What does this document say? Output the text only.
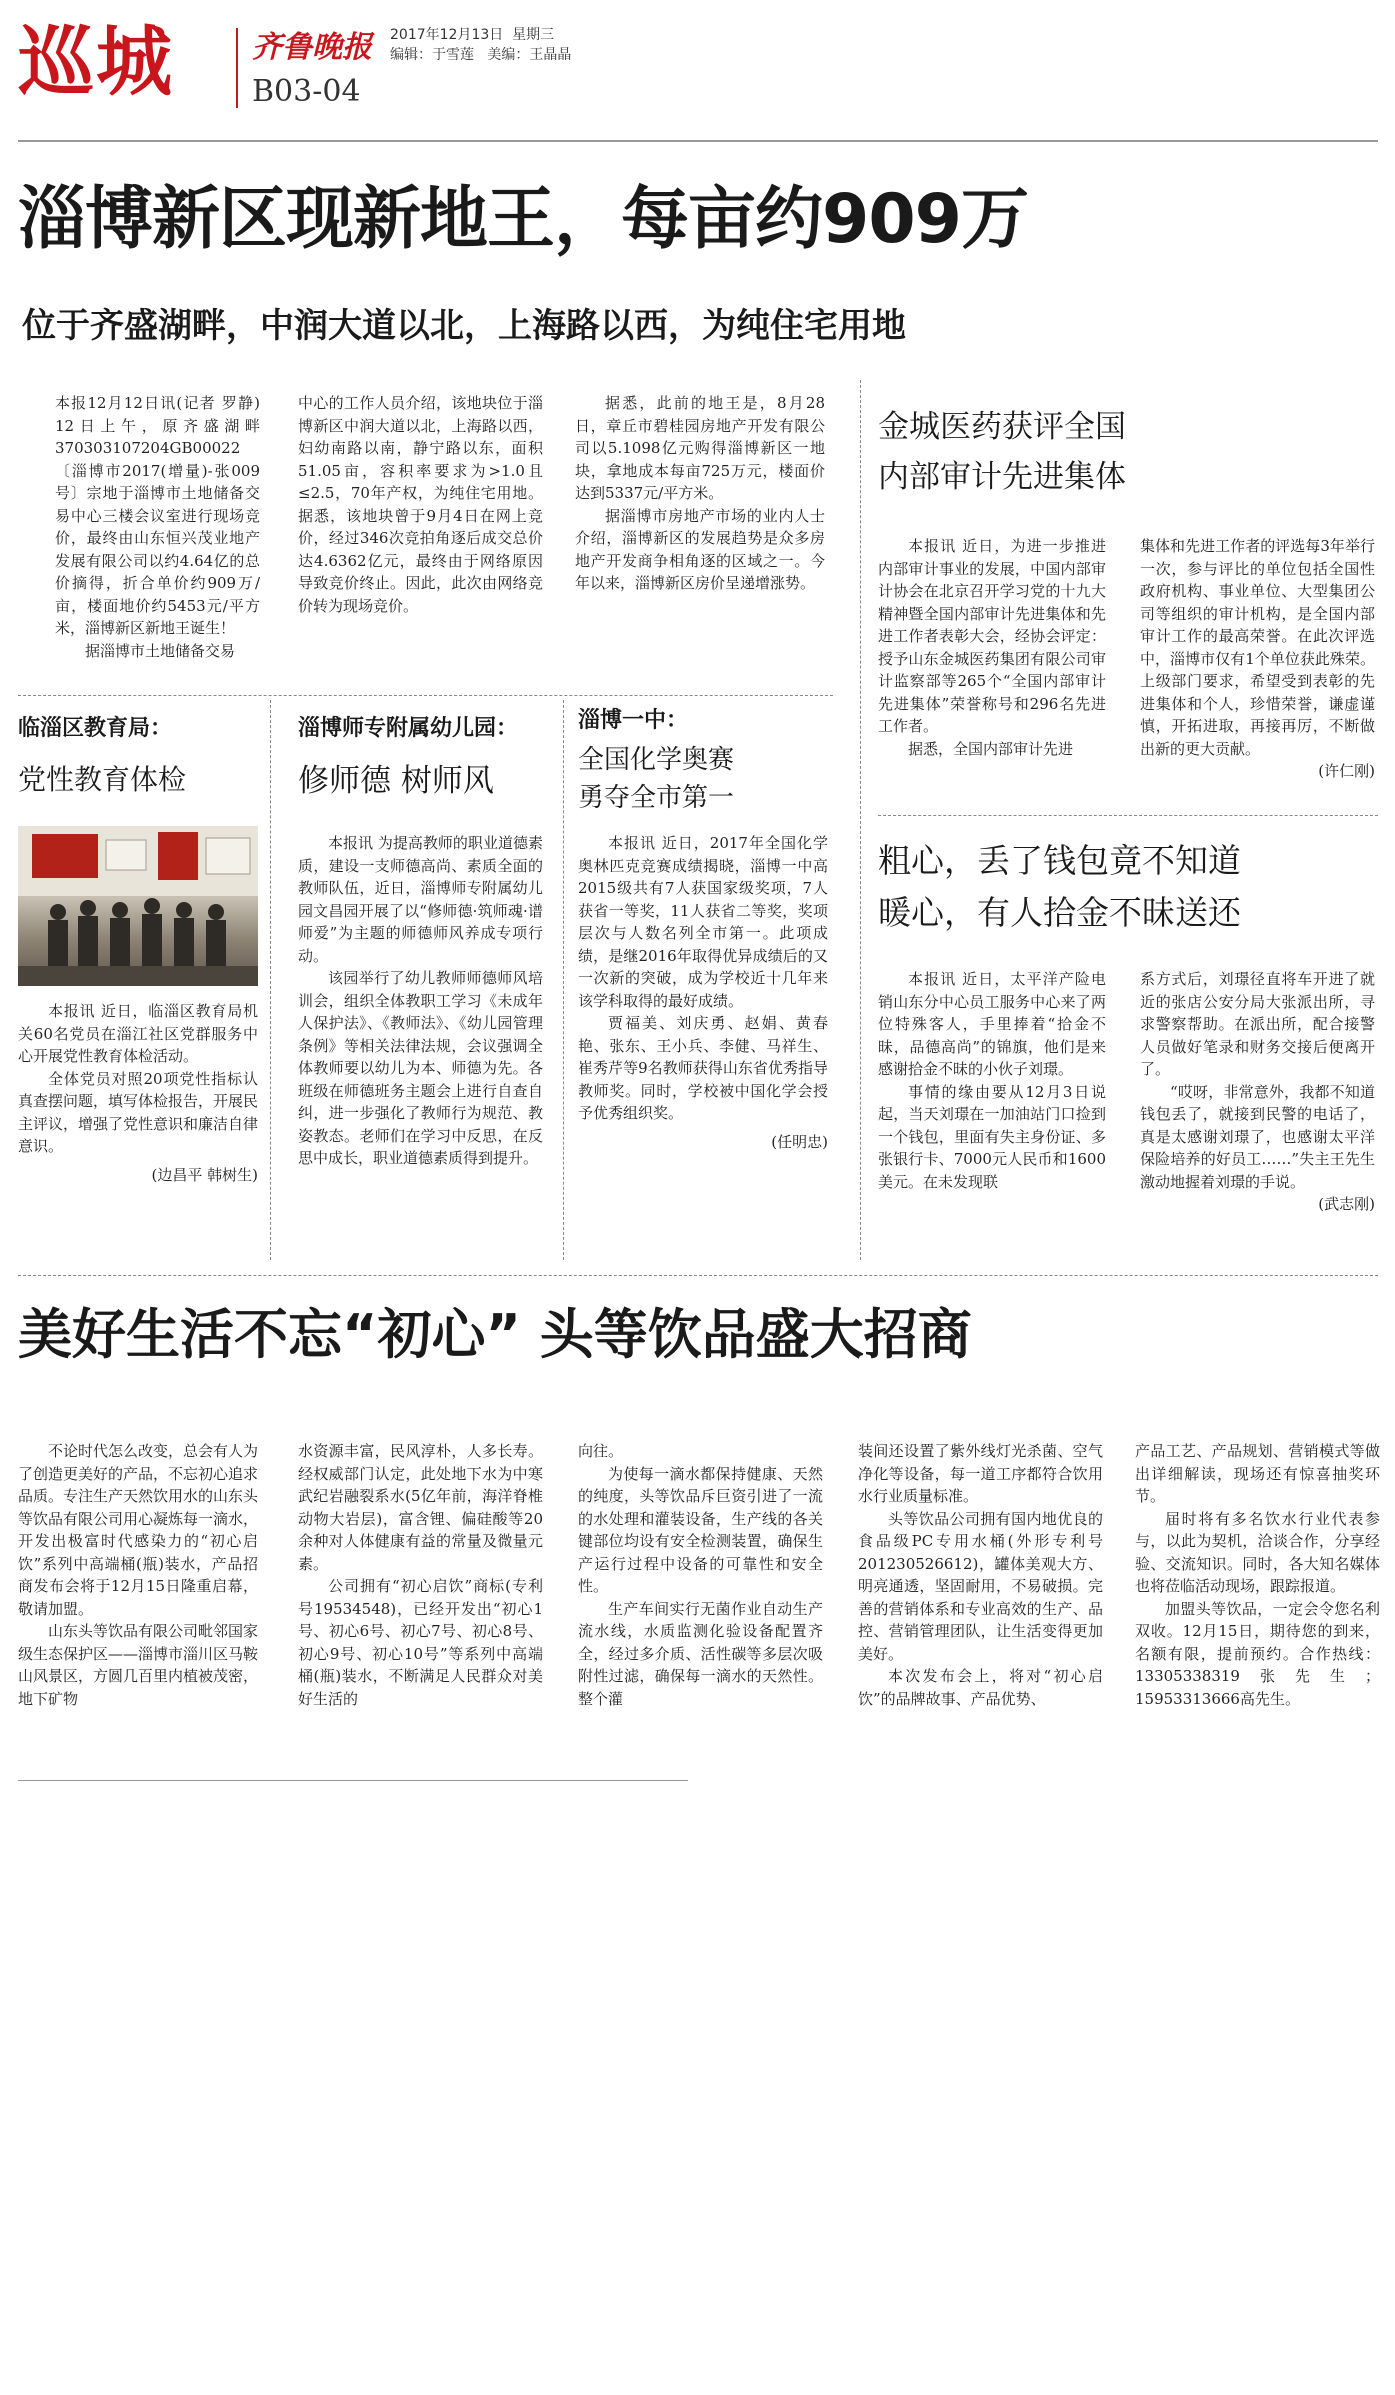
巡城	齐鲁晚报 2017年12月13日 星期三
编辑：于雪莲 美编：王晶晶
B03-04
淄博新区现新地王，每亩约909万
位于齐盛湖畔，中润大道以北，上海路以西，为纯住宅用地

本报12月12日讯(记者 罗静) 12日上午，原齐盛湖畔370303107204GB00022〔淄博市2017(增量)-张009号〕宗地于淄博市土地储备交易中心三楼会议室进行现场竞价，最终由山东恒兴茂业地产发展有限公司以约4.64亿的总价摘得，折合单价约909万/亩，楼面地价约5453元/平方米，淄博新区新地王诞生！

据淄博市土地储备交易

中心的工作人员介绍，该地块位于淄博新区中润大道以北，上海路以西，妇幼南路以南，静宁路以东，面积51.05亩，容积率要求为>1.0且≤2.5，70年产权，为纯住宅用地。据悉，该地块曾于9月4日在网上竞价，经过346次竞拍角逐后成交总价达4.6362亿元，最终由于网络原因导致竞价终止。因此，此次由网络竞价转为现场竞价。

据悉，此前的地王是，8月28日，章丘市碧桂园房地产开发有限公司以5.1098亿元购得淄博新区一地块，拿地成本每亩725万元，楼面价达到5337元/平方米。

据淄博市房地产市场的业内人士介绍，淄博新区的发展趋势是众多房地产开发商争相角逐的区域之一。今年以来，淄博新区房价呈递增涨势。

金城医药获评全国
内部审计先进集体

本报讯 近日，为进一步推进内部审计事业的发展，中国内部审计协会在北京召开学习党的十九大精神暨全国内部审计先进集体和先进工作者表彰大会，经协会评定：授予山东金城医药集团有限公司审计监察部等265个“全国内部审计先进集体”荣誉称号和296名先进工作者。

据悉，全国内部审计先进

集体和先进工作者的评选每3年举行一次，参与评比的单位包括全国性政府机构、事业单位、大型集团公司等组织的审计机构，是全国内部审计工作的最高荣誉。在此次评选中，淄博市仅有1个单位获此殊荣。上级部门要求，希望受到表彰的先进集体和个人，珍惜荣誉，谦虚谨慎，开拓进取，再接再厉，不断做出新的更大贡献。

(许仁刚)
粗心，丢了钱包竟不知道
暖心，有人拾金不昧送还

本报讯 近日，太平洋产险电销山东分中心员工服务中心来了两位特殊客人，手里捧着“拾金不昧，品德高尚”的锦旗，他们是来感谢拾金不昧的小伙子刘璟。

事情的缘由要从12月3日说起，当天刘璟在一加油站门口捡到一个钱包，里面有失主身份证、多张银行卡、7000元人民币和1600美元。在未发现联

系方式后，刘璟径直将车开进了就近的张店公安分局大张派出所，寻求警察帮助。在派出所，配合接警人员做好笔录和财务交接后便离开了。

“哎呀，非常意外，我都不知道钱包丢了，就接到民警的电话了，真是太感谢刘璟了，也感谢太平洋保险培养的好员工……”失主王先生激动地握着刘璟的手说。

(武志刚)
临淄区教育局：
党性教育体检

本报讯 近日，临淄区教育局机关60名党员在淄江社区党群服务中心开展党性教育体检活动。

全体党员对照20项党性指标认真查摆问题，填写体检报告，开展民主评议，增强了党性意识和廉洁自律意识。

(边昌平 韩树生)
淄博师专附属幼儿园：
修师德 树师风

本报讯 为提高教师的职业道德素质，建设一支师德高尚、素质全面的教师队伍，近日，淄博师专附属幼儿园文昌园开展了以“修师德·筑师魂·谱师爱”为主题的师德师风养成专项行动。

该园举行了幼儿教师师德师风培训会，组织全体教职工学习《未成年人保护法》、《教师法》、《幼儿园管理条例》等相关法律法规，会议强调全体教师要以幼儿为本、师德为先。各班级在师德班务主题会上进行自查自纠，进一步强化了教师行为规范、教姿教态。老师们在学习中反思，在反思中成长，职业道德素质得到提升。

淄博一中：
全国化学奥赛
勇夺全市第一

本报讯 近日，2017年全国化学奥林匹克竞赛成绩揭晓，淄博一中高2015级共有7人获国家级奖项，7人获省一等奖，11人获省二等奖，奖项层次与人数名列全市第一。此项成绩，是继2016年取得优异成绩后的又一次新的突破，成为学校近十几年来该学科取得的最好成绩。

贾福美、刘庆勇、赵娟、黄春艳、张东、王小兵、李健、马祥生、崔秀芹等9名教师获得山东省优秀指导教师奖。同时，学校被中国化学会授予优秀组织奖。

(任明忠)
美好生活不忘“初心” 头等饮品盛大招商

不论时代怎么改变，总会有人为了创造更美好的产品，不忘初心追求品质。专注生产天然饮用水的山东头等饮品有限公司用心凝炼每一滴水，开发出极富时代感染力的“初心启饮”系列中高端桶(瓶)装水，产品招商发布会将于12月15日隆重启幕，敬请加盟。

山东头等饮品有限公司毗邻国家级生态保护区——淄博市淄川区马鞍山风景区，方圆几百里内植被茂密，地下矿物

水资源丰富，民风淳朴，人多长寿。经权威部门认定，此处地下水为中寒武纪岩融裂系水(5亿年前，海洋脊椎动物大岩层)，富含锂、偏硅酸等20余种对人体健康有益的常量及微量元素。

公司拥有“初心启饮”商标(专利号19534548)，已经开发出“初心1号、初心6号、初心7号、初心8号、初心9号、初心10号”等系列中高端桶(瓶)装水，不断满足人民群众对美好生活的

向往。

为使每一滴水都保持健康、天然的纯度，头等饮品斥巨资引进了一流的水处理和灌装设备，生产线的各关键部位均设有安全检测装置，确保生产运行过程中设备的可靠性和安全性。

生产车间实行无菌作业自动生产流水线，水质监测化验设备配置齐全，经过多介质、活性碳等多层次吸附性过滤，确保每一滴水的天然性。整个灌

装间还设置了紫外线灯光杀菌、空气净化等设备，每一道工序都符合饮用水行业质量标准。

头等饮品公司拥有国内地优良的食品级PC专用水桶(外形专利号201230526612)，罐体美观大方、明亮通透，坚固耐用，不易破损。完善的营销体系和专业高效的生产、品控、营销管理团队，让生活变得更加美好。

本次发布会上，将对“初心启饮”的品牌故事、产品优势、

产品工艺、产品规划、营销模式等做出详细解读，现场还有惊喜抽奖环节。

届时将有多名饮水行业代表参与，以此为契机，洽谈合作，分享经验、交流知识。同时，各大知名媒体也将莅临活动现场，跟踪报道。

加盟头等饮品，一定会令您名利双收。12月15日，期待您的到来，名额有限，提前预约。合作热线：13305338319张先生；15953313666高先生。
